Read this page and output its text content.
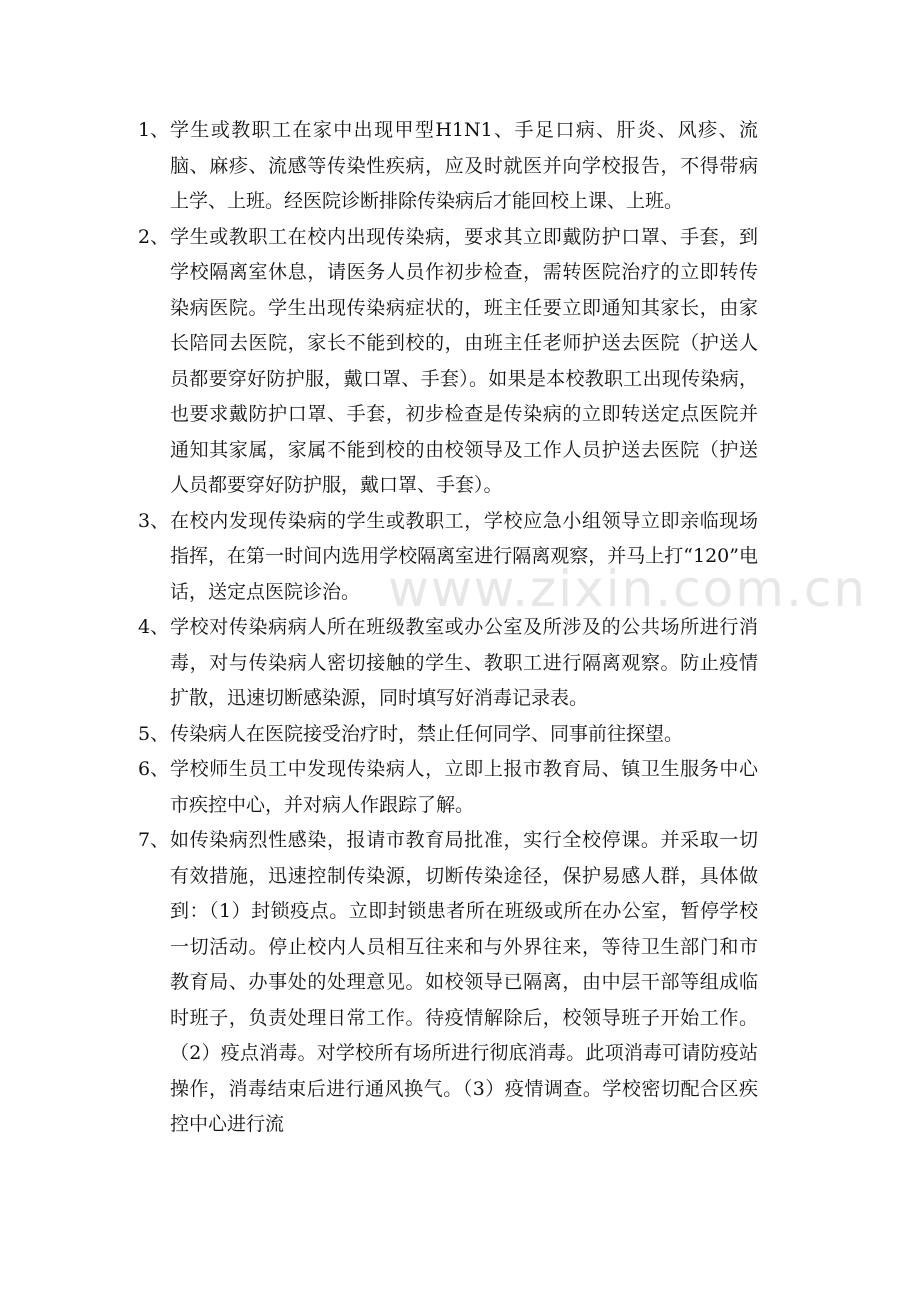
www.zixin.com.cn
1、 学生或教职工在家中出现甲型H1N1、手足口病、肝炎、风疹、流脑、麻疹、流感等传染性疾病，应及时就医并向学校报告，不得带病上学、上班。经医院诊断排除传染病后才能回校上课、上班。
2、 学生或教职工在校内出现传染病，要求其立即戴防护口罩、手套，到学校隔离室休息，请医务人员作初步检查，需转医院治疗的立即转传染病医院。学生出现传染病症状的，班主任要立即通知其家长，由家长陪同去医院，家长不能到校的，由班主任老师护送去医院（护送人员都要穿好防护服，戴口罩、手套）。如果是本校教职工出现传染病，也要求戴防护口罩、手套，初步检查是传染病的立即转送定点医院并通知其家属，家属不能到校的由校领导及工作人员护送去医院（护送人员都要穿好防护服，戴口罩、手套）。
3、 在校内发现传染病的学生或教职工，学校应急小组领导立即亲临现场指挥，在第一时间内选用学校隔离室进行隔离观察，并马上打“120”电话，送定点医院诊治。
4、 学校对传染病病人所在班级教室或办公室及所涉及的公共场所进行消毒，对与传染病人密切接触的学生、教职工进行隔离观察。防止疫情扩散，迅速切断感染源，同时填写好消毒记录表。
5、 传染病人在医院接受治疗时，禁止任何同学、同事前往探望。
6、 学校师生员工中发现传染病人，立即上报市教育局、镇卫生服务中心市疾控中心，并对病人作跟踪了解。
7、 如传染病烈性感染，报请市教育局批准，实行全校停课。并采取一切有效措施，迅速控制传染源，切断传染途径，保护易感人群，具体做到：（1）封锁疫点。立即封锁患者所在班级或所在办公室，暂停学校一切活动。停止校内人员相互往来和与外界往来，等待卫生部门和市教育局、办事处的处理意见。如校领导已隔离，由中层干部等组成临时班子，负责处理日常工作。待疫情解除后，校领导班子开始工作。（2）疫点消毒。对学校所有场所进行彻底消毒。此项消毒可请防疫站操作，消毒结束后进行通风换气。（3）疫情调查。学校密切配合区疾控中心进行流
